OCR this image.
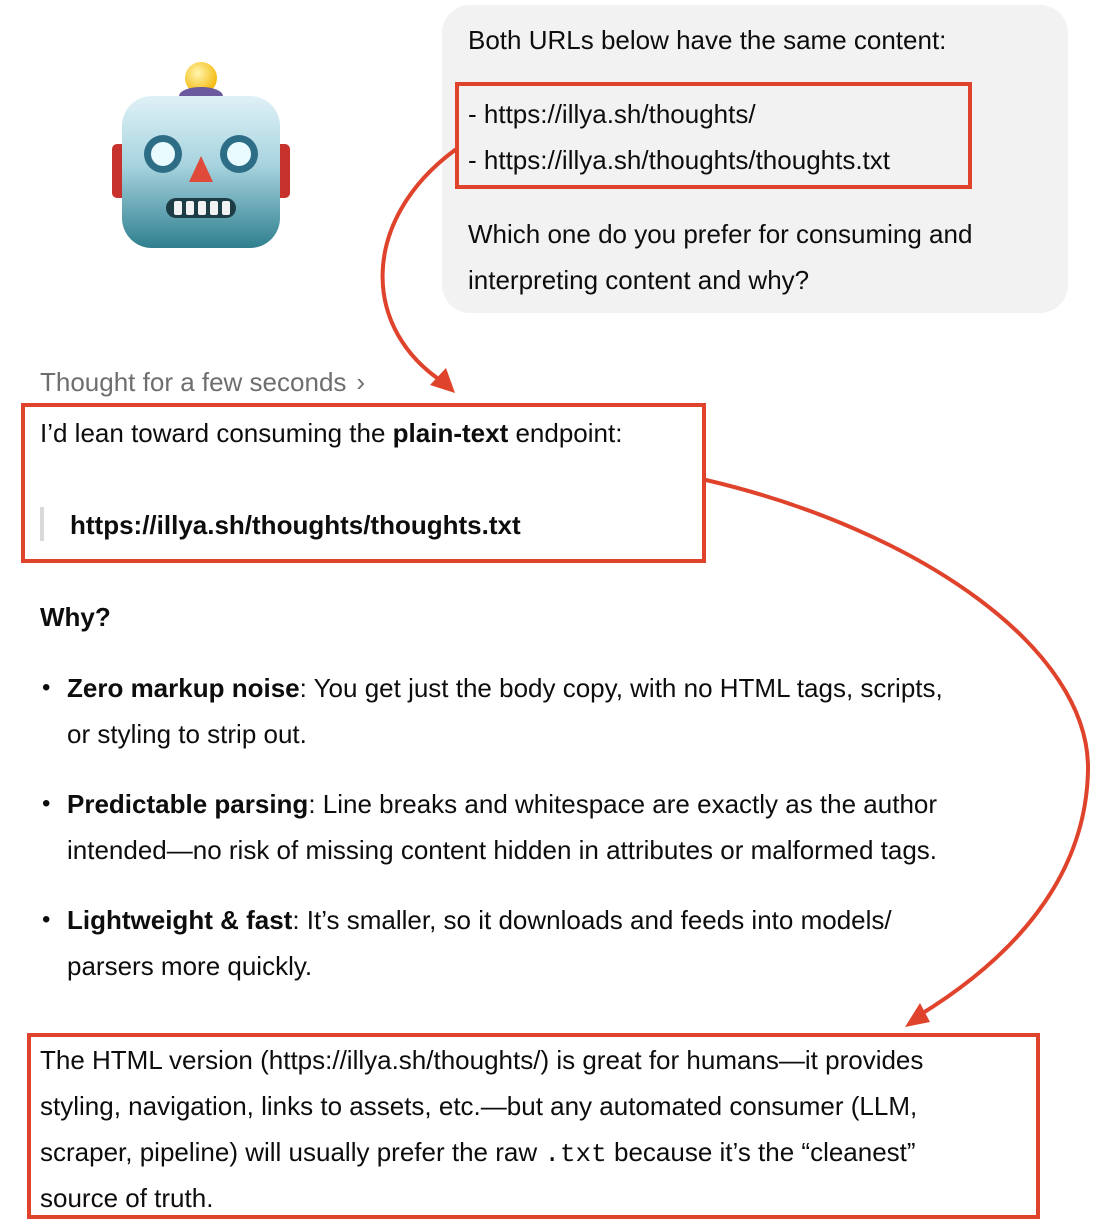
Both URLs below have the same content:
- https://illya.sh/thoughts/
- https://illya.sh/thoughts/thoughts.txt
Which one do you prefer for consuming and
interpreting content and why?
Thought for a few seconds ›
I’d lean toward consuming the plain-text endpoint:
https://illya.sh/thoughts/thoughts.txt
Why?
• Zero markup noise: You get just the body copy, with no HTML tags, scripts,
or styling to strip out.
• Predictable parsing: Line breaks and whitespace are exactly as the author
intended—no risk of missing content hidden in attributes or malformed tags.
• Lightweight & fast: It’s smaller, so it downloads and feeds into models/
parsers more quickly.
The HTML version (https://illya.sh/thoughts/) is great for humans—it provides
styling, navigation, links to assets, etc.—but any automated consumer (LLM,
scraper, pipeline) will usually prefer the raw .txt because it’s the “cleanest”
source of truth.
